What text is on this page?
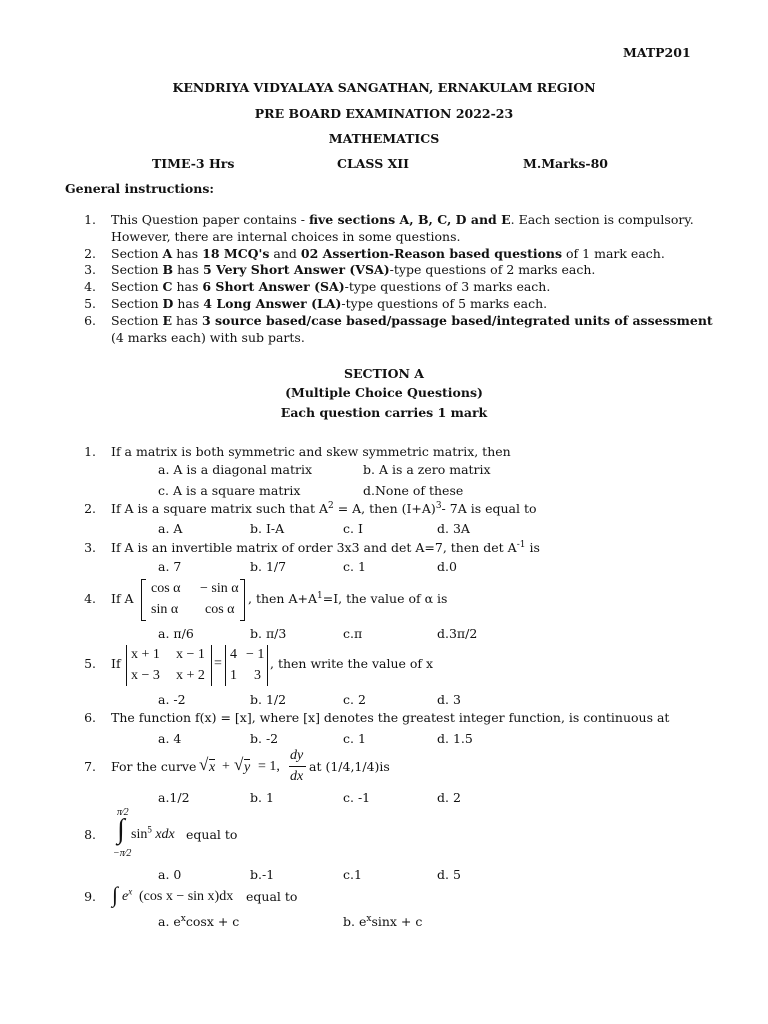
MATP201
KENDRIYA VIDYALAYA SANGATHAN, ERNAKULAM REGION
PRE BOARD EXAMINATION 2022-23
MATHEMATICS
TIME-3 Hrs	CLASS XII	M.Marks-80
General instructions:
1. This Question paper contains - five sections A, B, C, D and E. Each section is compulsory.
However, there are internal choices in some questions.
2. Section A has 18 MCQ's and 02 Assertion-Reason based questions of 1 mark each.
3. Section B has 5 Very Short Answer (VSA)-type questions of 2 marks each.
4. Section C has 6 Short Answer (SA)-type questions of 3 marks each.
5. Section D has 4 Long Answer (LA)-type questions of 5 marks each.
6. Section E has 3 source based/case based/passage based/integrated units of assessment
(4 marks each) with sub parts.
SECTION A
(Multiple Choice Questions)
Each question carries 1 mark
1. If a matrix is both symmetric and skew symmetric matrix, then
a. A is a diagonal matrix	b. A is a zero matrix
c. A is a square matrix	d.None of these
2. If A is a square matrix such that $A^2 = A$, then $(I+A)^3-$ 7A is equal to
a. A	b. I-A	c. I	d. 3A
3. If A is an invertible matrix of order 3x3 and det A=7, then $\det A^{-1}$ is
a. 7	b. 1/7	c. 1	d.0
4. If A
cos α − sin α
sin α cos α
, then $A+A^1=I$, the value of α is
a. π/6	b. π/3	c.π	d.3π/2
5. If
x + 1 x − 1
x − 3 x + 2
=
4 − 1
1 3
, then write the value of x
a. -2	b. 1/2	c. 2	d. 3
6. The function f(x) = [x], where [x] denotes the greatest integer function, is continuous at
a. 4	b. -2	c. 1	d. 1.5
7. For the curve √ x + √ y = 1,
dy
dx
at (1/4,1/4)is
a.1/2	b. 1	c. -1	d. 2
8.
π⁄2
∫
−π⁄2
$\sin^5$ xdx equal to
a. 0	b.-1	c.1	d. 5
9. ∫ $e^x$ (cos x − sin x)dx equal to
a. $e^x\cos x + c$	b. $e^x\sin x + c$
